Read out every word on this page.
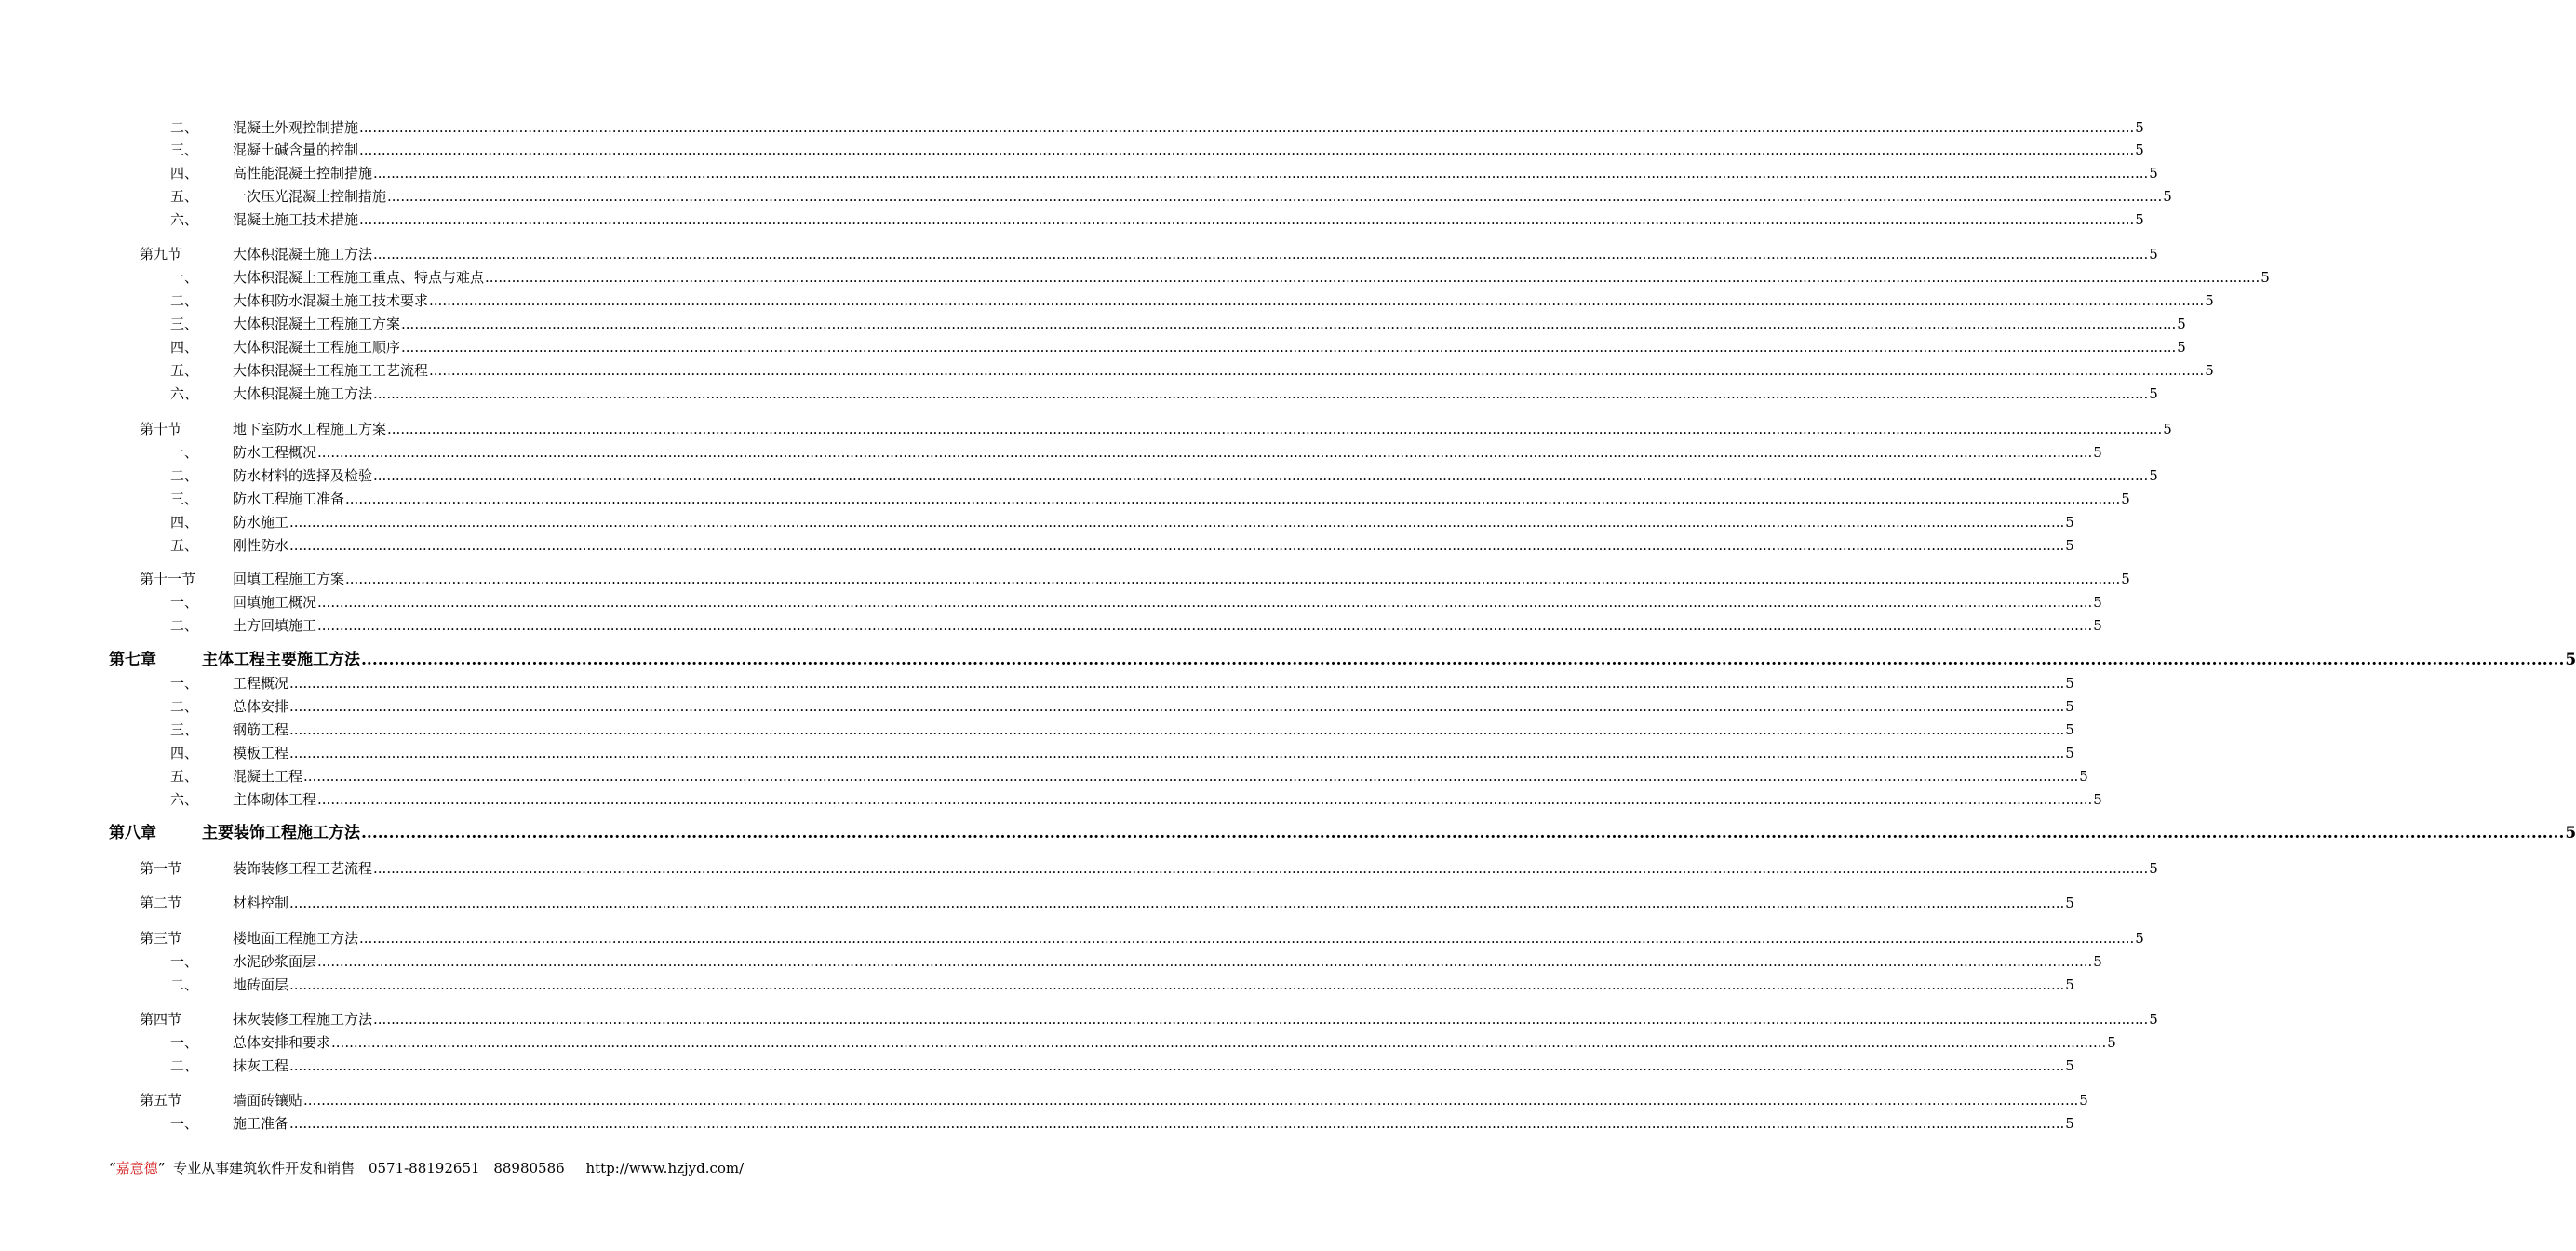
二、 混凝土外观控制措施 ................................................................................................................................................................................................................................................................................................................................................................................................................ 5
三、 混凝土碱含量的控制 ................................................................................................................................................................................................................................................................................................................................................................................................................ 5
四、 高性能混凝土控制措施 ................................................................................................................................................................................................................................................................................................................................................................................................................ 5
五、 一次压光混凝土控制措施 ................................................................................................................................................................................................................................................................................................................................................................................................................ 5
六、 混凝土施工技术措施 ................................................................................................................................................................................................................................................................................................................................................................................................................ 5
第九节	大体积混凝土施工方法 ................................................................................................................................................................................................................................................................................................................................................................................................................ 5
一、 大体积混凝土工程施工重点、特点与难点 ................................................................................................................................................................................................................................................................................................................................................................................................................ 5
二、 大体积防水混凝土施工技术要求 ................................................................................................................................................................................................................................................................................................................................................................................................................ 5
三、 大体积混凝土工程施工方案 ................................................................................................................................................................................................................................................................................................................................................................................................................ 5
四、 大体积混凝土工程施工顺序 ................................................................................................................................................................................................................................................................................................................................................................................................................ 5
五、 大体积混凝土工程施工工艺流程 ................................................................................................................................................................................................................................................................................................................................................................................................................ 5
六、 大体积混凝土施工方法 ................................................................................................................................................................................................................................................................................................................................................................................................................ 5
第十节	地下室防水工程施工方案 ................................................................................................................................................................................................................................................................................................................................................................................................................ 5
一、 防水工程概况 ................................................................................................................................................................................................................................................................................................................................................................................................................ 5
二、 防水材料的选择及检验 ................................................................................................................................................................................................................................................................................................................................................................................................................ 5
三、 防水工程施工准备 ................................................................................................................................................................................................................................................................................................................................................................................................................ 5
四、 防水施工 ................................................................................................................................................................................................................................................................................................................................................................................................................ 5
五、 刚性防水 ................................................................................................................................................................................................................................................................................................................................................................................................................ 5
第十一节	回填工程施工方案 ................................................................................................................................................................................................................................................................................................................................................................................................................ 5
一、 回填施工概况 ................................................................................................................................................................................................................................................................................................................................................................................................................ 5
二、 土方回填施工 ................................................................................................................................................................................................................................................................................................................................................................................................................ 5
第七章	主体工程主要施工方法 ................................................................................................................................................................................................................................................................................................................................................................................................................ 5
一、 工程概况 ................................................................................................................................................................................................................................................................................................................................................................................................................ 5
二、 总体安排 ................................................................................................................................................................................................................................................................................................................................................................................................................ 5
三、 钢筋工程 ................................................................................................................................................................................................................................................................................................................................................................................................................ 5
四、 模板工程 ................................................................................................................................................................................................................................................................................................................................................................................................................ 5
五、 混凝土工程 ................................................................................................................................................................................................................................................................................................................................................................................................................ 5
六、 主体砌体工程 ................................................................................................................................................................................................................................................................................................................................................................................................................ 5
第八章	主要装饰工程施工方法 ................................................................................................................................................................................................................................................................................................................................................................................................................ 5
第一节	装饰装修工程工艺流程 ................................................................................................................................................................................................................................................................................................................................................................................................................ 5
第二节	材料控制 ................................................................................................................................................................................................................................................................................................................................................................................................................ 5
第三节	楼地面工程施工方法 ................................................................................................................................................................................................................................................................................................................................................................................................................ 5
一、 水泥砂浆面层 ................................................................................................................................................................................................................................................................................................................................................................................................................ 5
二、 地砖面层 ................................................................................................................................................................................................................................................................................................................................................................................................................ 5
第四节	抹灰装修工程施工方法 ................................................................................................................................................................................................................................................................................................................................................................................................................ 5
一、 总体安排和要求 ................................................................................................................................................................................................................................................................................................................................................................................................................ 5
二、 抹灰工程 ................................................................................................................................................................................................................................................................................................................................................................................................................ 5
第五节	墙面砖镶贴 ................................................................................................................................................................................................................................................................................................................................................................................................................ 5
一、 施工准备 ................................................................................................................................................................................................................................................................................................................................................................................................................ 5
“嘉意德” 专业从事建筑软件开发和销售 0571-88192651 88980586 http://www.hzjyd.com/
